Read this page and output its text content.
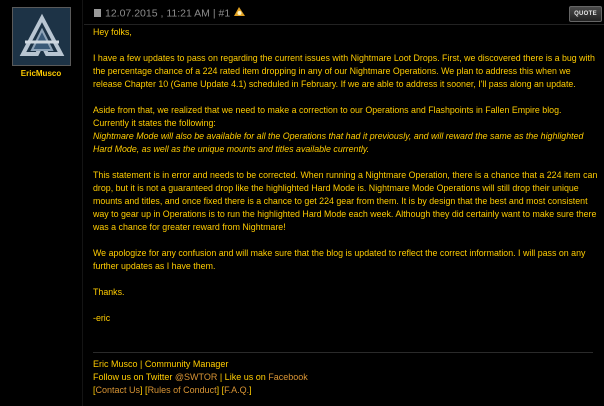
EricMusco
12.07.2015 , 11:21 AM | #1	QUOTE

Hey folks,

I have a few updates to pass on regarding the current issues with Nightmare Loot Drops. First, we discovered there is a bug with the percentage chance of a 224 rated item dropping in any of our Nightmare Operations. We plan to address this when we release Chapter 10 (Game Update 4.1) scheduled in February. If we are able to address it sooner, I'll pass along an update.

Aside from that, we realized that we need to make a correction to our Operations and Flashpoints in Fallen Empire blog. Currently it states the following:

Nightmare Mode will also be available for all the Operations that had it previously, and will reward the same as the highlighted Hard Mode, as well as the unique mounts and titles available currently.

This statement is in error and needs to be corrected. When running a Nightmare Operation, there is a chance that a 224 item can drop, but it is not a guaranteed drop like the highlighted Hard Mode is. Nightmare Mode Operations will still drop their unique mounts and titles, and once fixed there is a chance to get 224 gear from them. It is by design that the best and most consistent way to gear up in Operations is to run the highlighted Hard Mode each week. Although they did certainly want to make sure there was a chance for greater reward from Nightmare!

We apologize for any confusion and will make sure that the blog is updated to reflect the correct information. I will pass on any further updates as I have them.

Thanks.

-eric

Eric Musco | Community Manager
Follow us on Twitter @SWTOR | Like us on Facebook
[Contact Us] [Rules of Conduct] [F.A.Q.]
